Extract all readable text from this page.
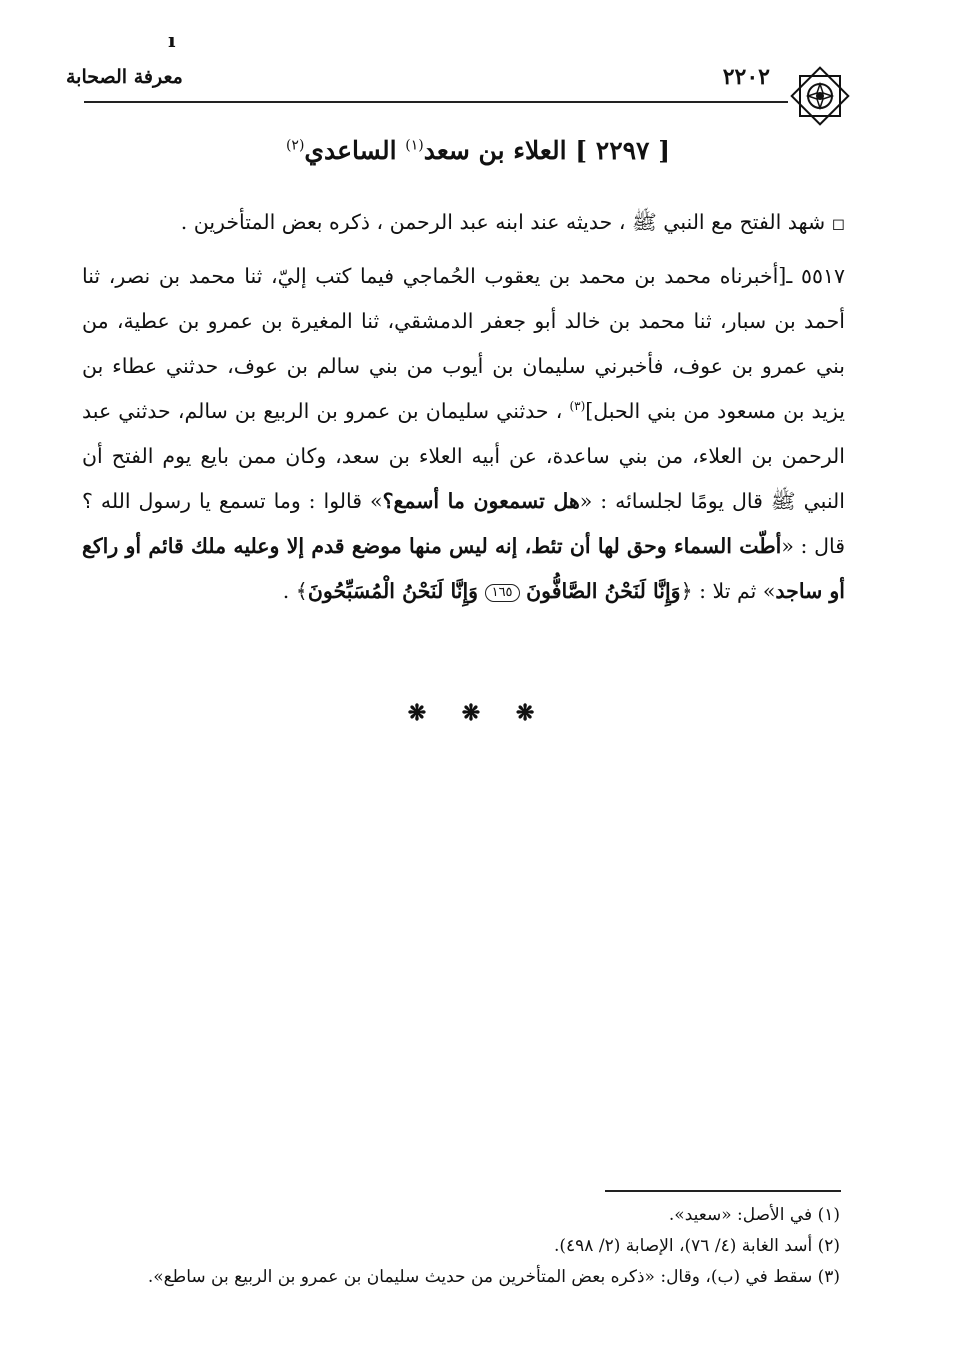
ı
معرفة الصحابة	٢٢٠٢
[ ٢٢٩٧ ] العلاء بن سعد$^{(١)}$ الساعدي$^{(٢)}$

◻ شهد الفتح مع النبي ﷺ ، حديثه عند ابنه عبد الرحمن ، ذكره بعض المتأخرين .

٥٥١٧ ـ[أخبرناه محمد بن محمد بن يعقوب الحُماجي فيما كتب إليّ، ثنا محمد بن نصر، ثنا أحمد بن سبار، ثنا محمد بن خالد أبو جعفر الدمشقي، ثنا المغيرة بن عمرو بن عطية، من بني عمرو بن عوف، فأخبرني سليمان بن أيوب من بني سالم بن عوف، حدثني عطاء بن يزيد بن مسعود من بني الحبل]$^{(٣)}$ ، حدثني سليمان بن عمرو بن الربيع بن سالم، حدثني عبد الرحمن بن العلاء، من بني ساعدة، عن أبيه العلاء بن سعد، وكان ممن بايع يوم الفتح أن النبي ﷺ قال يومًا لجلسائه : «هل تسمعون ما أسمع؟» قالوا : وما تسمع يا رسول الله ؟ قال : «أطّت السماء وحق لها أن تئط، إنه ليس منها موضع قدم إلا وعليه ملك قائم أو راكع أو ساجد» ثم تلا : ﴿وَإِنَّا لَنَحْنُ الصَّافُّونَ ١٦٥ وَإِنَّا لَنَحْنُ الْمُسَبِّحُونَ﴾ .

❋ ❋ ❋

(١) في الأصل: «سعيد».

(٢) أسد الغابة (٤/ ٧٦)، الإصابة (٢/ ٤٩٨).

(٣) سقط في (ب)، وقال: «ذكره بعض المتأخرين من حديث سليمان بن عمرو بن الربيع بن ساطع».
